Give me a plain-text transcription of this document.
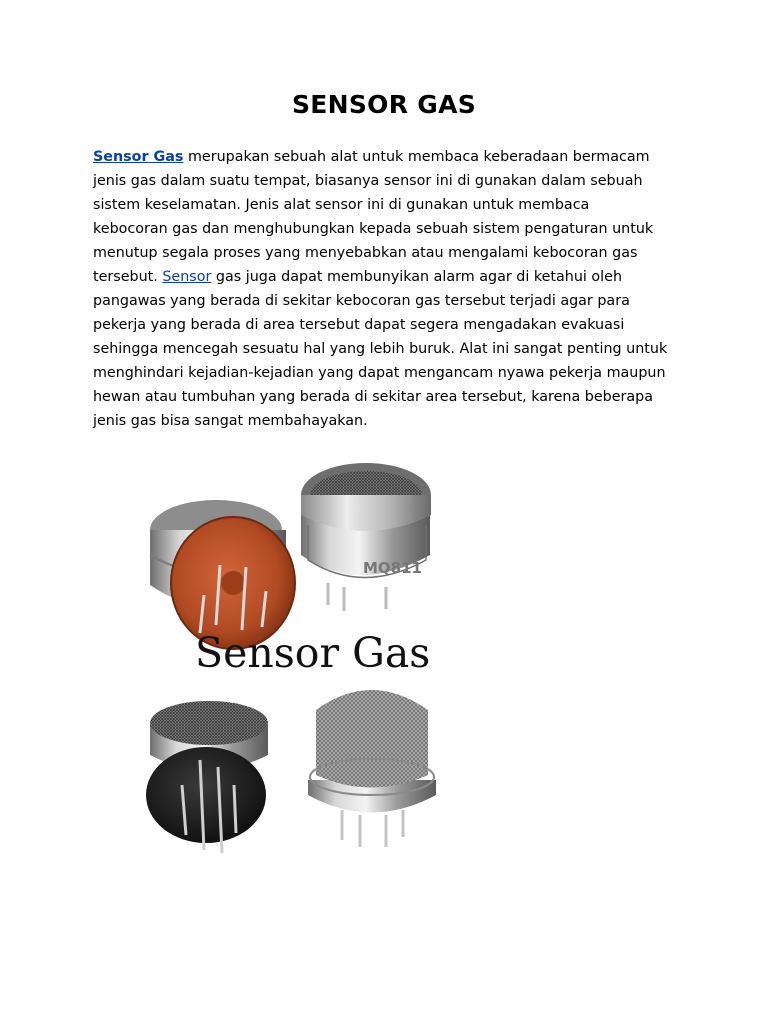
SENSOR GAS

Sensor Gas merupakan sebuah alat untuk membaca keberadaan bermacam
jenis gas dalam suatu tempat, biasanya sensor ini di gunakan dalam sebuah
sistem keselamatan. Jenis alat sensor ini di gunakan untuk membaca
kebocoran gas dan menghubungkan kepada sebuah sistem pengaturan untuk
menutup segala proses yang menyebabkan atau mengalami kebocoran gas
tersebut. Sensor gas juga dapat membunyikan alarm agar di ketahui oleh
pangawas yang berada di sekitar kebocoran gas tersebut terjadi agar para
pekerja yang berada di area tersebut dapat segera mengadakan evakuasi
sehingga mencegah sesuatu hal yang lebih buruk. Alat ini sangat penting untuk
menghindari kejadian-kejadian yang dapat mengancam nyawa pekerja maupun
hewan atau tumbuhan yang berada di sekitar area tersebut, karena beberapa
jenis gas bisa sangat membahayakan.

MQ811
Sensor Gas
